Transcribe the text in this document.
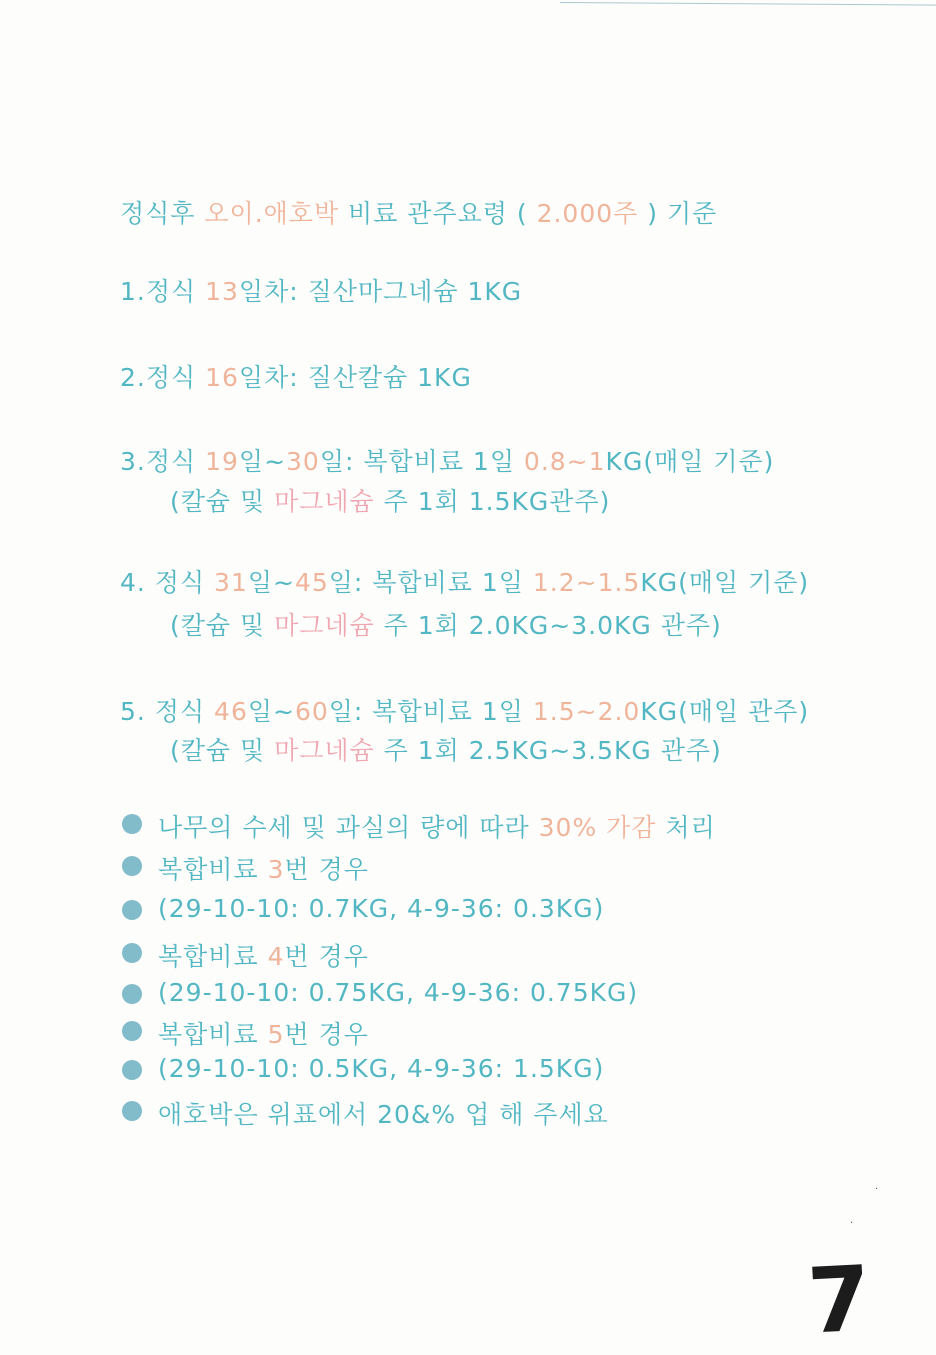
정식후 오이.애호박 비료 관주요령 ( 2.000주 ) 기준
1.정식 13일차: 질산마그네슘 1KG
2.정식 16일차: 질산칼슘 1KG
3.정식 19일~30일: 복합비료 1일 0.8~1KG(매일 기준)
(칼슘 및 마그네슘 주 1회 1.5KG관주)
4. 정식 31일~45일: 복합비료 1일 1.2~1.5KG(매일 기준)
(칼슘 및 마그네슘 주 1회 2.0KG~3.0KG 관주)
5. 정식 46일~60일: 복합비료 1일 1.5~2.0KG(매일 관주)
(칼슘 및 마그네슘 주 1회 2.5KG~3.5KG 관주)
나무의 수세 및 과실의 량에 따라 30% 가감 처리
복합비료 3번 경우
(29-10-10: 0.7KG, 4-9-36: 0.3KG)
복합비료 4번 경우
(29-10-10: 0.75KG, 4-9-36: 0.75KG)
복합비료 5번 경우
(29-10-10: 0.5KG, 4-9-36: 1.5KG)
애호박은 위표에서 20&% 업 해 주세요
·
·
7
